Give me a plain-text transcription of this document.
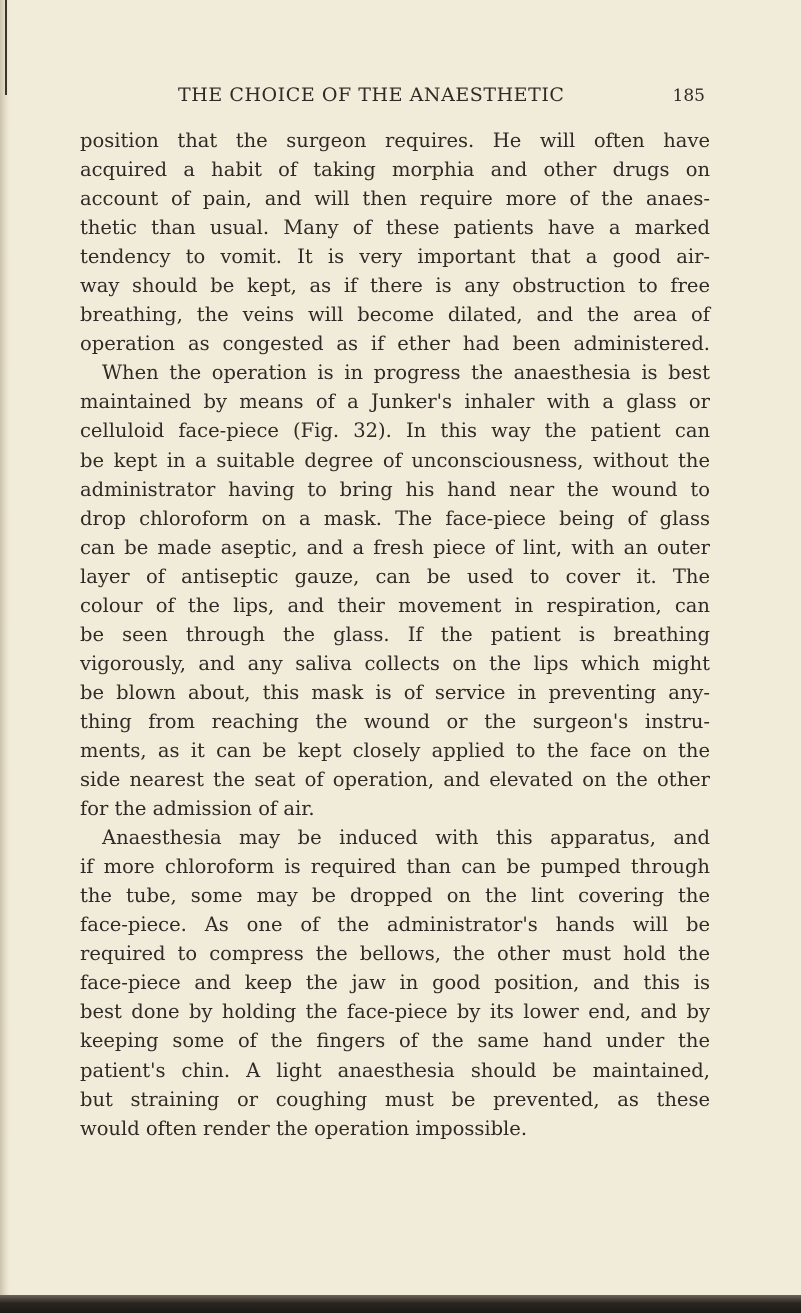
THE CHOICE OF THE ANAESTHETIC	185
position that the surgeon requires. He will often have
acquired a habit of taking morphia and other drugs on
account of pain, and will then require more of the anaes-
thetic than usual. Many of these patients have a marked
tendency to vomit. It is very important that a good air-
way should be kept, as if there is any obstruction to free
breathing, the veins will become dilated, and the area of
operation as congested as if ether had been administered.
When the operation is in progress the anaesthesia is best
maintained by means of a Junker's inhaler with a glass or
celluloid face-piece (Fig. 32). In this way the patient can
be kept in a suitable degree of unconsciousness, without the
administrator having to bring his hand near the wound to
drop chloroform on a mask. The face-piece being of glass
can be made aseptic, and a fresh piece of lint, with an outer
layer of antiseptic gauze, can be used to cover it. The
colour of the lips, and their movement in respiration, can
be seen through the glass. If the patient is breathing
vigorously, and any saliva collects on the lips which might
be blown about, this mask is of service in preventing any-
thing from reaching the wound or the surgeon's instru-
ments, as it can be kept closely applied to the face on the
side nearest the seat of operation, and elevated on the other
for the admission of air.
Anaesthesia may be induced with this apparatus, and
if more chloroform is required than can be pumped through
the tube, some may be dropped on the lint covering the
face-piece. As one of the administrator's hands will be
required to compress the bellows, the other must hold the
face-piece and keep the jaw in good position, and this is
best done by holding the face-piece by its lower end, and by
keeping some of the fingers of the same hand under the
patient's chin. A light anaesthesia should be maintained,
but straining or coughing must be prevented, as these
would often render the operation impossible.
